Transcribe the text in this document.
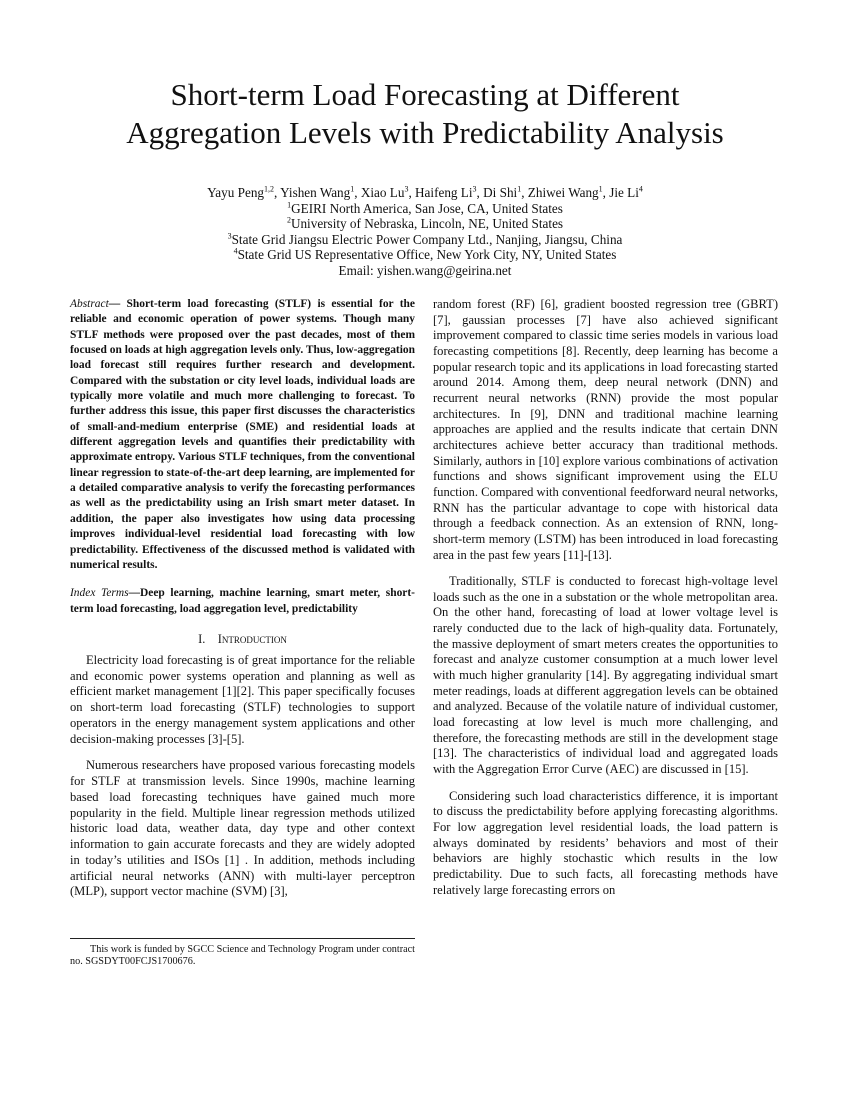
Short-term Load Forecasting at Different
Aggregation Levels with Predictability Analysis
Yayu Peng$^{1,2}$, Yishen Wang$^1$, Xiao Lu$^3$, Haifeng Li$^3$, Di Shi$^1$, Zhiwei Wang$^1$, Jie Li$^4$
$^1$GEIRI North America, San Jose, CA, United States
$^2$University of Nebraska, Lincoln, NE, United States
$^3$State Grid Jiangsu Electric Power Company Ltd., Nanjing, Jiangsu, China
$^4$State Grid US Representative Office, New York City, NY, United States
Email: yishen.wang@geirina.net

Abstract— Short-term load forecasting (STLF) is essential for the reliable and economic operation of power systems. Though many STLF methods were proposed over the past decades, most of them focused on loads at high aggregation levels only. Thus, low-aggregation load forecast still requires further research and development. Compared with the substation or city level loads, individual loads are typically more volatile and much more challenging to forecast. To further address this issue, this paper first discusses the characteristics of small-and-medium enterprise (SME) and residential loads at different aggregation levels and quantifies their predictability with approximate entropy. Various STLF techniques, from the conventional linear regression to state-of-the-art deep learning, are implemented for a detailed comparative analysis to verify the forecasting performances as well as the predictability using an Irish smart meter dataset. In addition, the paper also investigates how using data processing improves individual-level residential load forecasting with low predictability. Effectiveness of the discussed method is validated with numerical results.

Index Terms—Deep learning, machine learning, smart meter, short-term load forecasting, load aggregation level, predictability

I. Introduction

Electricity load forecasting is of great importance for the reliable and economic power systems operation and planning as well as efficient market management [1][2]. This paper specifically focuses on short-term load forecasting (STLF) technologies to support operators in the energy management system applications and other decision-making processes [3]-[5].

Numerous researchers have proposed various forecasting models for STLF at transmission levels. Since 1990s, machine learning based load forecasting techniques have gained much more popularity in the field. Multiple linear regression methods utilized historic load data, weather data, day type and other context information to gain accurate forecasts and they are widely adopted in today’s utilities and ISOs [1] . In addition, methods including artificial neural networks (ANN) with multi-layer perceptron (MLP), support vector machine (SVM) [3],

random forest (RF) [6], gradient boosted regression tree (GBRT) [7], gaussian processes [7] have also achieved significant improvement compared to classic time series models in various load forecasting competitions [8]. Recently, deep learning has become a popular research topic and its applications in load forecasting started around 2014. Among them, deep neural network (DNN) and recurrent neural networks (RNN) provide the most popular architectures. In [9], DNN and traditional machine learning approaches are applied and the results indicate that certain DNN architectures achieve better accuracy than traditional methods. Similarly, authors in [10] explore various combinations of activation functions and shows significant improvement using the ELU function. Compared with conventional feedforward neural networks, RNN has the particular advantage to cope with historical data through a feedback connection. As an extension of RNN, long-short-term memory (LSTM) has been introduced in load forecasting area in the past few years [11]-[13].

Traditionally, STLF is conducted to forecast high-voltage level loads such as the one in a substation or the whole metropolitan area. On the other hand, forecasting of load at lower voltage level is rarely conducted due to the lack of high-quality data. Fortunately, the massive deployment of smart meters creates the opportunities to forecast and analyze customer consumption at a much lower level with much higher granularity [14]. By aggregating individual smart meter readings, loads at different aggregation levels can be obtained and analyzed. Because of the volatile nature of individual customer, load forecasting at low level is much more challenging, and therefore, the forecasting methods are still in the development stage [13]. The characteristics of individual load and aggregated loads with the Aggregation Error Curve (AEC) are discussed in [15].

Considering such load characteristics difference, it is important to discuss the predictability before applying forecasting algorithms. For low aggregation level residential loads, the load pattern is always dominated by residents’ behaviors and most of their behaviors are highly stochastic which results in the low predictability. Due to such facts, all forecasting methods have relatively large forecasting errors on

This work is funded by SGCC Science and Technology Program under contract no. SGSDYT00FCJS1700676.
